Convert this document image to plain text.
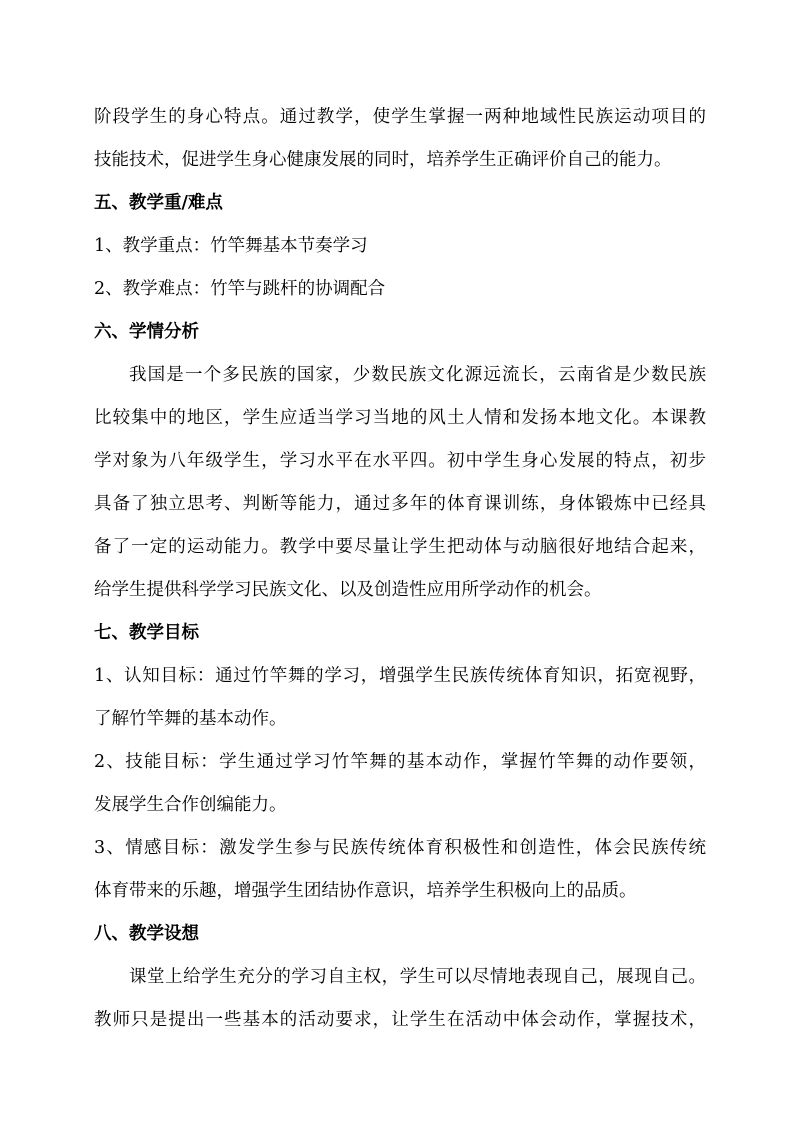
阶段学生的身心特点。通过教学，使学生掌握一两种地域性民族运动项目的
技能技术，促进学生身心健康发展的同时，培养学生正确评价自己的能力。
五、教学重/难点
1、教学重点：竹竿舞基本节奏学习
2、教学难点：竹竿与跳杆的协调配合
六、学情分析
我国是一个多民族的国家，少数民族文化源远流长，云南省是少数民族
比较集中的地区，学生应适当学习当地的风土人情和发扬本地文化。本课教
学对象为八年级学生，学习水平在水平四。初中学生身心发展的特点，初步
具备了独立思考、判断等能力，通过多年的体育课训练，身体锻炼中已经具
备了一定的运动能力。教学中要尽量让学生把动体与动脑很好地结合起来，
给学生提供科学学习民族文化、以及创造性应用所学动作的机会。
七、教学目标
1、认知目标：通过竹竿舞的学习，增强学生民族传统体育知识，拓宽视野，
了解竹竿舞的基本动作。
2、技能目标：学生通过学习竹竿舞的基本动作，掌握竹竿舞的动作要领，
发展学生合作创编能力。
3、情感目标：激发学生参与民族传统体育积极性和创造性，体会民族传统
体育带来的乐趣，增强学生团结协作意识，培养学生积极向上的品质。
八、教学设想
课堂上给学生充分的学习自主权，学生可以尽情地表现自己，展现自己。
教师只是提出一些基本的活动要求，让学生在活动中体会动作，掌握技术，
